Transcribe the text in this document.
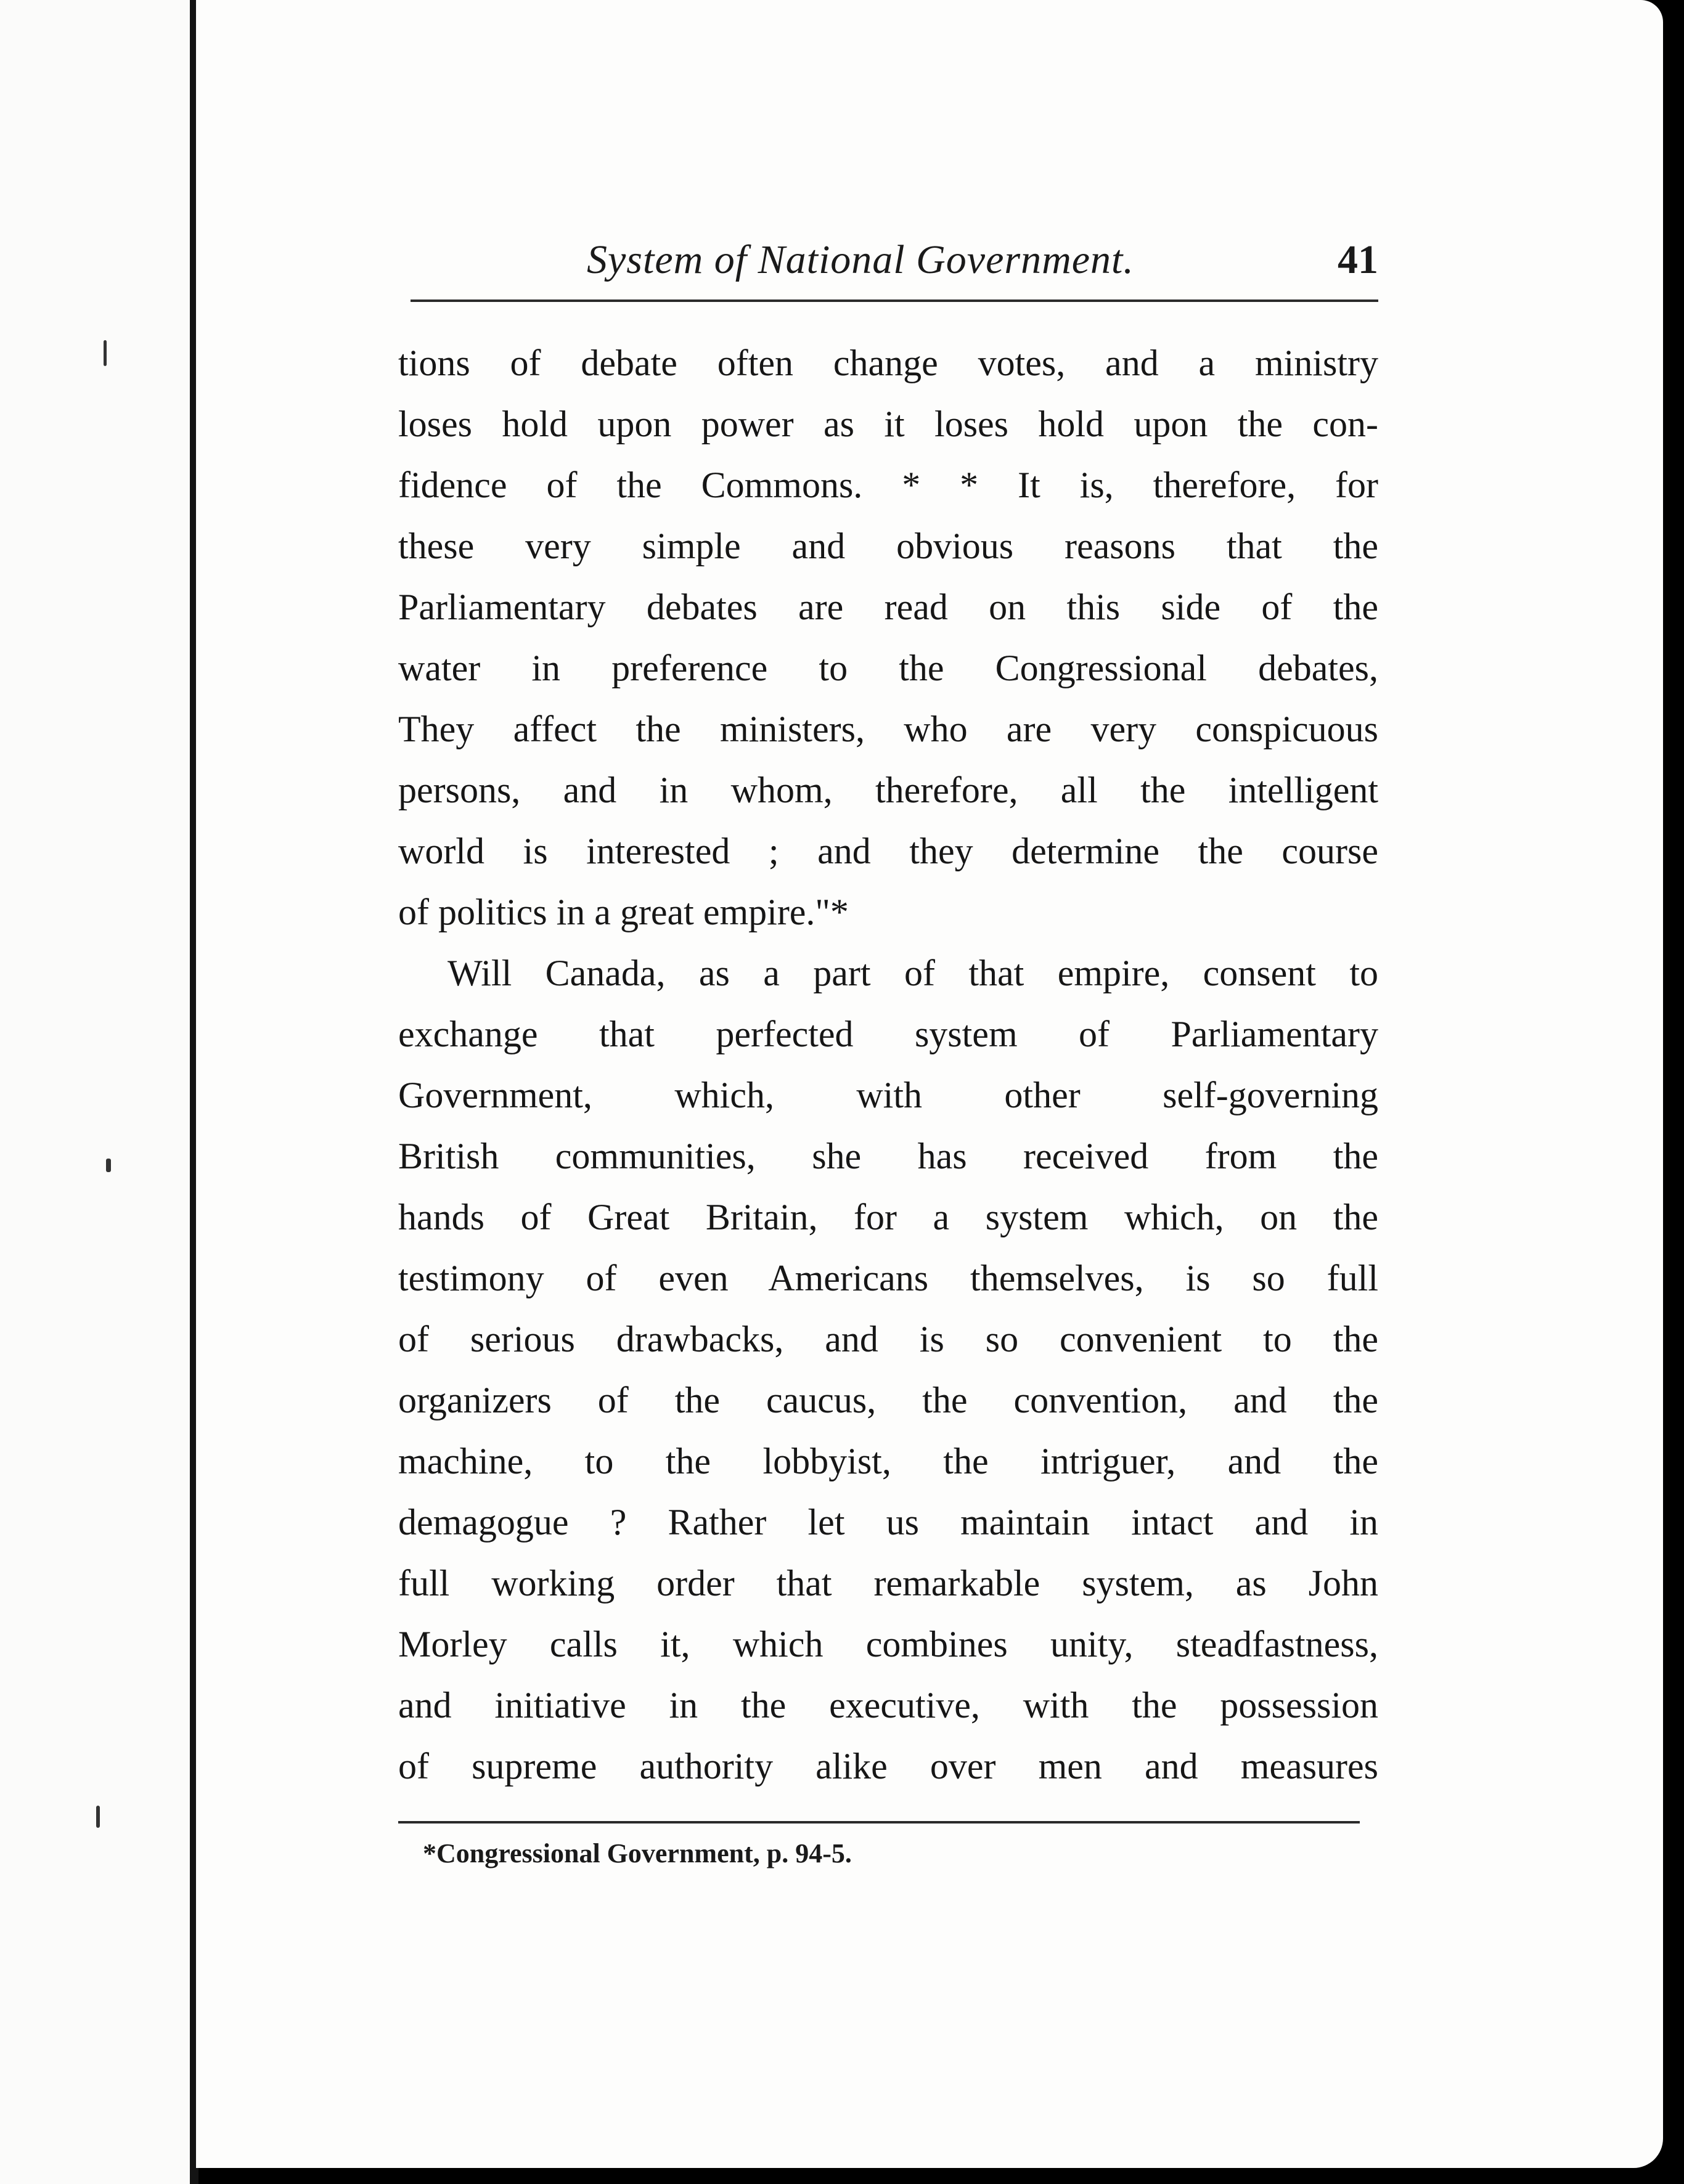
System of National Government.	41
tions of debate often change votes, and a ministry
loses hold upon power as it loses hold upon the con-
fidence of the Commons. * * It is, therefore, for
these very simple and obvious reasons that the
Parliamentary debates are read on this side of the
water in preference to the Congressional debates,
They affect the ministers, who are very conspicuous
persons, and in whom, therefore, all the intelligent
world is interested ; and they determine the course
of politics in a great empire."*
Will Canada, as a part of that empire, consent to
exchange that perfected system of Parliamentary
Government, which, with other self-governing
British communities, she has received from the
hands of Great Britain, for a system which, on the
testimony of even Americans themselves, is so full
of serious drawbacks, and is so convenient to the
organizers of the caucus, the convention, and the
machine, to the lobbyist, the intriguer, and the
demagogue ? Rather let us maintain intact and in
full working order that remarkable system, as John
Morley calls it, which combines unity, steadfastness,
and initiative in the executive, with the possession
of supreme authority alike over men and measures
*Congressional Government, p. 94-5.
